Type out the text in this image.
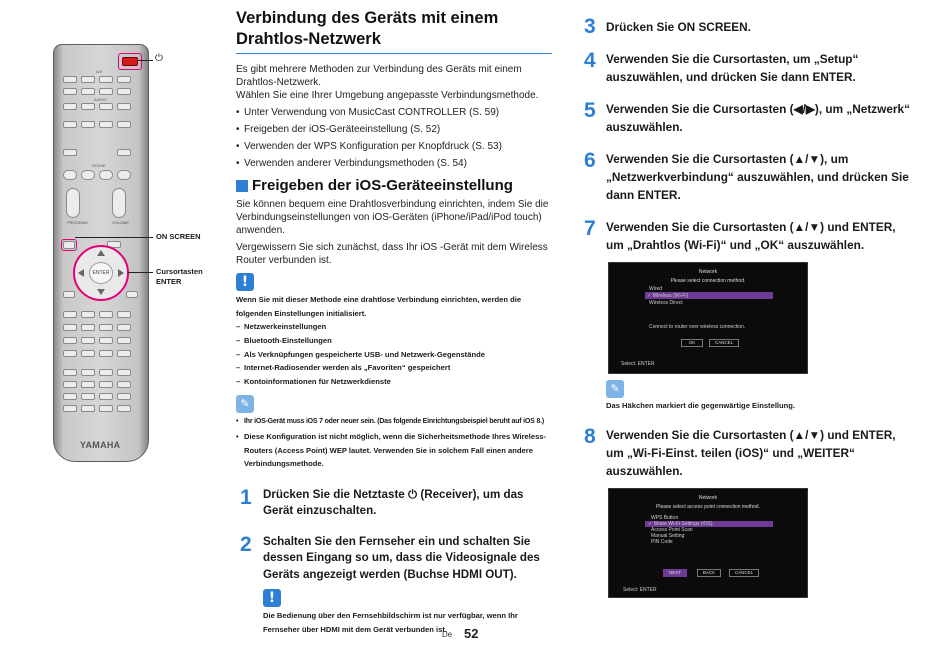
A/V
AUDIO
SCENE
PROGRAM	VOLUME
ENTER
YAMAHA
⏻
ON SCREEN
Cursortasten
ENTER
Verbindung des Geräts mit einem
Drahtlos-Netzwerk

Es gibt mehrere Methoden zur Verbindung des Geräts mit einem Drahtlos-Netzwerk.

Wählen Sie eine Ihrer Umgebung angepasste Verbindungsmethode.

• Unter Verwendung von MusicCast CONTROLLER (S. 59)
• Freigeben der iOS-Geräteeinstellung (S. 52)
• Verwenden der WPS Konfiguration per Knopfdruck (S. 53)
• Verwenden anderer Verbindungsmethoden (S. 54)
Freigeben der iOS-Geräteeinstellung

Sie können bequem eine Drahtlosverbindung einrichten, indem Sie die Verbindungseinstellungen von iOS-Geräten (iPhone/iPad/iPod touch) anwenden.

Vergewissern Sie sich zunächst, dass Ihr iOS -Gerät mit dem Wireless Router verbunden ist.

!

Wenn Sie mit dieser Methode eine drahtlose Verbindung einrichten, werden die folgenden Einstellungen initialisiert.

– Netzwerkeinstellungen
– Bluetooth-Einstellungen
– Als Verknüpfungen gespeicherte USB- und Netzwerk-Gegenstände
– Internet-Radiosender werden als „Favoriten“ gespeichert
– Kontoinformationen für Netzwerkdienste
✎
• Ihr iOS-Gerät muss iOS 7 oder neuer sein. (Das folgende Einrichtungsbeispiel beruht auf iOS 8.)
• Diese Konfiguration ist nicht möglich, wenn die Sicherheitsmethode Ihres Wireless-Routers (Access Point) WEP lautet. Verwenden Sie in solchem Fall einen andere Verbindungsmethode.
1 Drücken Sie die Netztaste ⏻ (Receiver), um das Gerät einzuschalten.

2 Schalten Sie den Fernseher ein und schalten Sie dessen Eingang so um, dass die Videosignale des Geräts angezeigt werden (Buchse HDMI OUT).

!

Die Bedienung über den Fernsehbildschirm ist nur verfügbar, wenn Ihr Fernseher über HDMI mit dem Gerät verbunden ist.

De 52
3 Drücken Sie ON SCREEN.

4 Verwenden Sie die Cursortasten, um „Setup“ auszuwählen, und drücken Sie dann ENTER.

5 Verwenden Sie die Cursortasten (◀/▶), um „Netzwerk“ auszuwählen.

6 Verwenden Sie die Cursortasten (▲/▼), um „Netzwerkverbindung“ auszuwählen, und drücken Sie dann ENTER.

7 Verwenden Sie die Cursortasten (▲/▼) und ENTER, um „Drahtlos (Wi-Fi)“ und „OK“ auszuwählen.

Network
Please select connection method.
Wired
✓ Wireless (Wi-Fi)
Wireless Direct
Connect to router over wireless connection.
OK	CANCEL
Select: ENTER
✎

Das Häkchen markiert die gegenwärtige Einstellung.

8 Verwenden Sie die Cursortasten (▲/▼) und ENTER, um „Wi-Fi-Einst. teilen (iOS)“ und „WEITER“ auszuwählen.

Network
Please select access point connection method.
WPS Button
✓ Share Wi-Fi Settings (iOS)
Access Point Scan
Manual Setting
PIN Code
NEXT	BACK	CANCEL
Select: ENTER
